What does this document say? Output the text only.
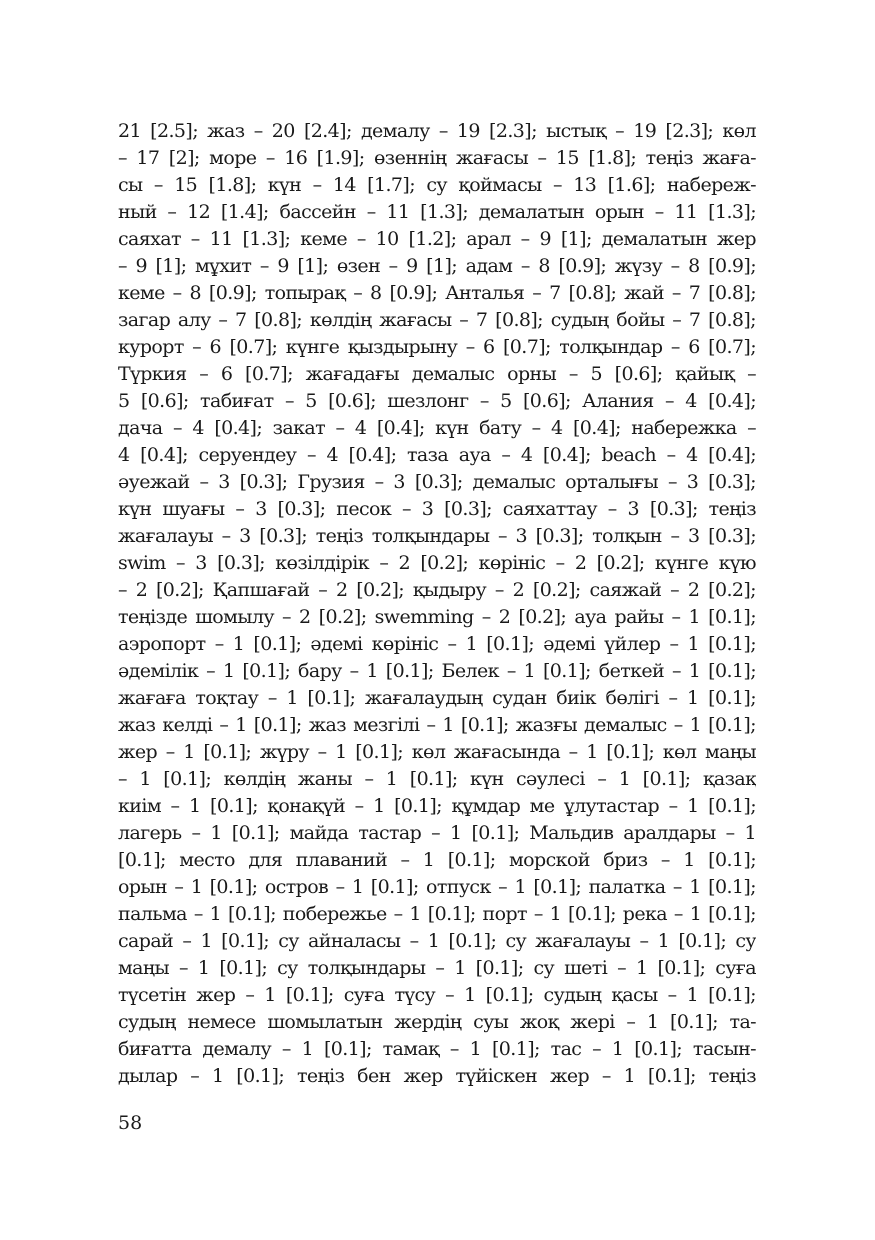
21 [2.5]; жаз – 20 [2.4]; демалу – 19 [2.3]; ыстық – 19 [2.3]; көл
– 17 [2]; море – 16 [1.9]; өзеннің жағасы – 15 [1.8]; теңіз жаға-
сы – 15 [1.8]; күн – 14 [1.7]; су қоймасы – 13 [1.6]; набереж-
ный – 12 [1.4]; бассейн – 11 [1.3]; демалатын орын – 11 [1.3];
саяхат – 11 [1.3]; кеме – 10 [1.2]; арал – 9 [1]; демалатын жер
– 9 [1]; мұхит – 9 [1]; өзен – 9 [1]; адам – 8 [0.9]; жүзу – 8 [0.9];
кеме – 8 [0.9]; топырақ – 8 [0.9]; Анталья – 7 [0.8]; жай – 7 [0.8];
загар алу – 7 [0.8]; көлдің жағасы – 7 [0.8]; судың бойы – 7 [0.8];
курорт – 6 [0.7]; күнге қыздырыну – 6 [0.7]; толқындар – 6 [0.7];
Түркия – 6 [0.7]; жағадағы демалыс орны – 5 [0.6]; қайық –
5 [0.6]; табиғат – 5 [0.6]; шезлонг – 5 [0.6]; Алания – 4 [0.4];
дача – 4 [0.4]; закат – 4 [0.4]; күн бату – 4 [0.4]; набережка –
4 [0.4]; серуендеу – 4 [0.4]; таза ауа – 4 [0.4]; beach – 4 [0.4];
әуежай – 3 [0.3]; Грузия – 3 [0.3]; демалыс орталығы – 3 [0.3];
күн шуағы – 3 [0.3]; песок – 3 [0.3]; саяхаттау – 3 [0.3]; теңіз
жағалауы – 3 [0.3]; теңіз толқындары – 3 [0.3]; толқын – 3 [0.3];
swim – 3 [0.3]; көзілдірік – 2 [0.2]; көрініс – 2 [0.2]; күнге күю
– 2 [0.2]; Қапшағай – 2 [0.2]; қыдыру – 2 [0.2]; саяжай – 2 [0.2];
теңізде шомылу – 2 [0.2]; swemming – 2 [0.2]; ауа райы – 1 [0.1];
аэропорт – 1 [0.1]; әдемі көрініс – 1 [0.1]; әдемі үйлер – 1 [0.1];
әдемілік – 1 [0.1]; бару – 1 [0.1]; Белек – 1 [0.1]; беткей – 1 [0.1];
жағаға тоқтау – 1 [0.1]; жағалаудың судан биік бөлігі – 1 [0.1];
жаз келді – 1 [0.1]; жаз мезгілі – 1 [0.1]; жазғы демалыс – 1 [0.1];
жер – 1 [0.1]; жүру – 1 [0.1]; көл жағасында – 1 [0.1]; көл маңы
– 1 [0.1]; көлдің жаны – 1 [0.1]; күн сәулесі – 1 [0.1]; қазақ
киім – 1 [0.1]; қонақүй – 1 [0.1]; құмдар ме ұлутастар – 1 [0.1];
лагерь – 1 [0.1]; майда тастар – 1 [0.1]; Мальдив аралдары – 1
[0.1]; место для плаваний – 1 [0.1]; морской бриз – 1 [0.1];
орын – 1 [0.1]; остров – 1 [0.1]; отпуск – 1 [0.1]; палатка – 1 [0.1];
пальма – 1 [0.1]; побережье – 1 [0.1]; порт – 1 [0.1]; река – 1 [0.1];
сарай – 1 [0.1]; су айналасы – 1 [0.1]; су жағалауы – 1 [0.1]; су
маңы – 1 [0.1]; су толқындары – 1 [0.1]; су шеті – 1 [0.1]; суға
түсетін жер – 1 [0.1]; суға түсу – 1 [0.1]; судың қасы – 1 [0.1];
судың немесе шомылатын жердің суы жоқ жері – 1 [0.1]; та-
биғатта демалу – 1 [0.1]; тамақ – 1 [0.1]; тас – 1 [0.1]; тасын-
дылар – 1 [0.1]; теңіз бен жер түйіскен жер – 1 [0.1]; теңіз
58
